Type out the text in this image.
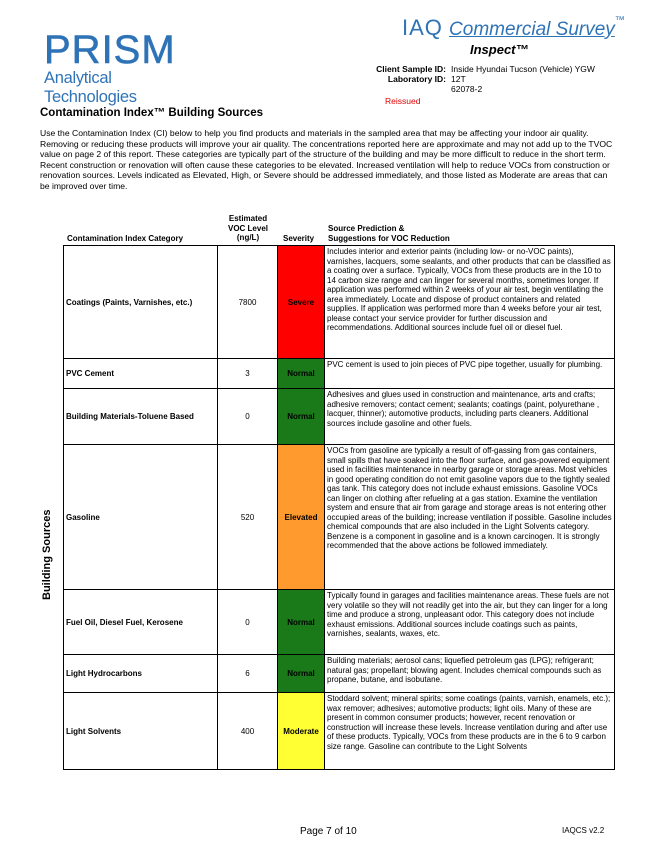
PRISM
Analytical Technologies
IAQ Commercial Survey™
Inspect™
Client Sample ID: Inside Hyundai Tucson (Vehicle) YGW
Laboratory ID: 12T
62078-2
Reissued
Contamination Index™ Building Sources
Use the Contamination Index (CI) below to help you find products and materials in the sampled area that may be affecting your indoor air quality. Removing or reducing these products will improve your air quality. The concentrations reported here are approximate and may not add up to the TVOC value on page 2 of this report. These categories are typically part of the structure of the building and may be more difficult to reduce in the short term. Recent construction or renovation will often cause these categories to be elevated. Increased ventilation will help to reduce VOCs from construction or renovation sources. Levels indicated as Elevated, High, or Severe should be addressed immediately, and those listed as Moderate are areas that can be improved over time.
Contamination Index Category
Estimated
VOC Level
(ng/L)	Severity
Source Prediction &
Suggestions for VOC Reduction
Building Sources
Coatings (Paints, Varnishes, etc.)	7800	Severe	Includes interior and exterior paints (including low- or no-VOC paints), varnishes, lacquers, some sealants, and other products that can be classified as a coating over a surface. Typically, VOCs from these products are in the 10 to 14 carbon size range and can linger for several months, sometimes longer. If application was performed within 2 weeks of your air test, begin ventilating the area immediately. Locate and dispose of product containers and related supplies. If application was performed more than 4 weeks before your air test, please contact your service provider for further discussion and recommendations. Additional sources include fuel oil or diesel fuel.
PVC Cement	3	Normal	PVC cement is used to join pieces of PVC pipe together, usually for plumbing.
Building Materials-Toluene Based	0	Normal	Adhesives and glues used in construction and maintenance, arts and crafts; adhesive removers; contact cement; sealants; coatings (paint, polyurethane , lacquer, thinner); automotive products, including parts cleaners. Additional sources include gasoline and other fuels.
Gasoline	520	Elevated	VOCs from gasoline are typically a result of off-gassing from gas containers, small spills that have soaked into the floor surface, and gas-powered equipment used in facilities maintenance in nearby garage or storage areas. Most vehicles in good operating condition do not emit gasoline vapors due to the tightly sealed gas tank. This category does not include exhaust emissions. Gasoline VOCs can linger on clothing after refueling at a gas station. Examine the ventilation system and ensure that air from garage and storage areas is not entering other occupied areas of the building; increase ventilation if possible. Gasoline includes chemical compounds that are also included in the Light Solvents category. Benzene is a component in gasoline and is a known carcinogen. It is strongly recommended that the above actions be followed immediately.
Fuel Oil, Diesel Fuel, Kerosene	0	Normal	Typically found in garages and facilities maintenance areas. These fuels are not very volatile so they will not readily get into the air, but they can linger for a long time and produce a strong, unpleasant odor. This category does not include exhaust emissions. Additional sources include coatings such as paints, varnishes, sealants, waxes, etc.
Light Hydrocarbons	6	Normal	Building materials; aerosol cans; liquefied petroleum gas (LPG); refrigerant; natural gas; propellant; blowing agent. Includes chemical compounds such as propane, butane, and isobutane.
Light Solvents	400	Moderate	Stoddard solvent; mineral spirits; some coatings (paints, varnish, enamels, etc.); wax remover; adhesives; automotive products; light oils. Many of these are present in common consumer products; however, recent renovation or construction will increase these levels. Increase ventilation during and after use of these products. Typically, VOCs from these products are in the 6 to 9 carbon size range. Gasoline can contribute to the Light Solvents
Page 7 of 10	IAQCS v2.2
